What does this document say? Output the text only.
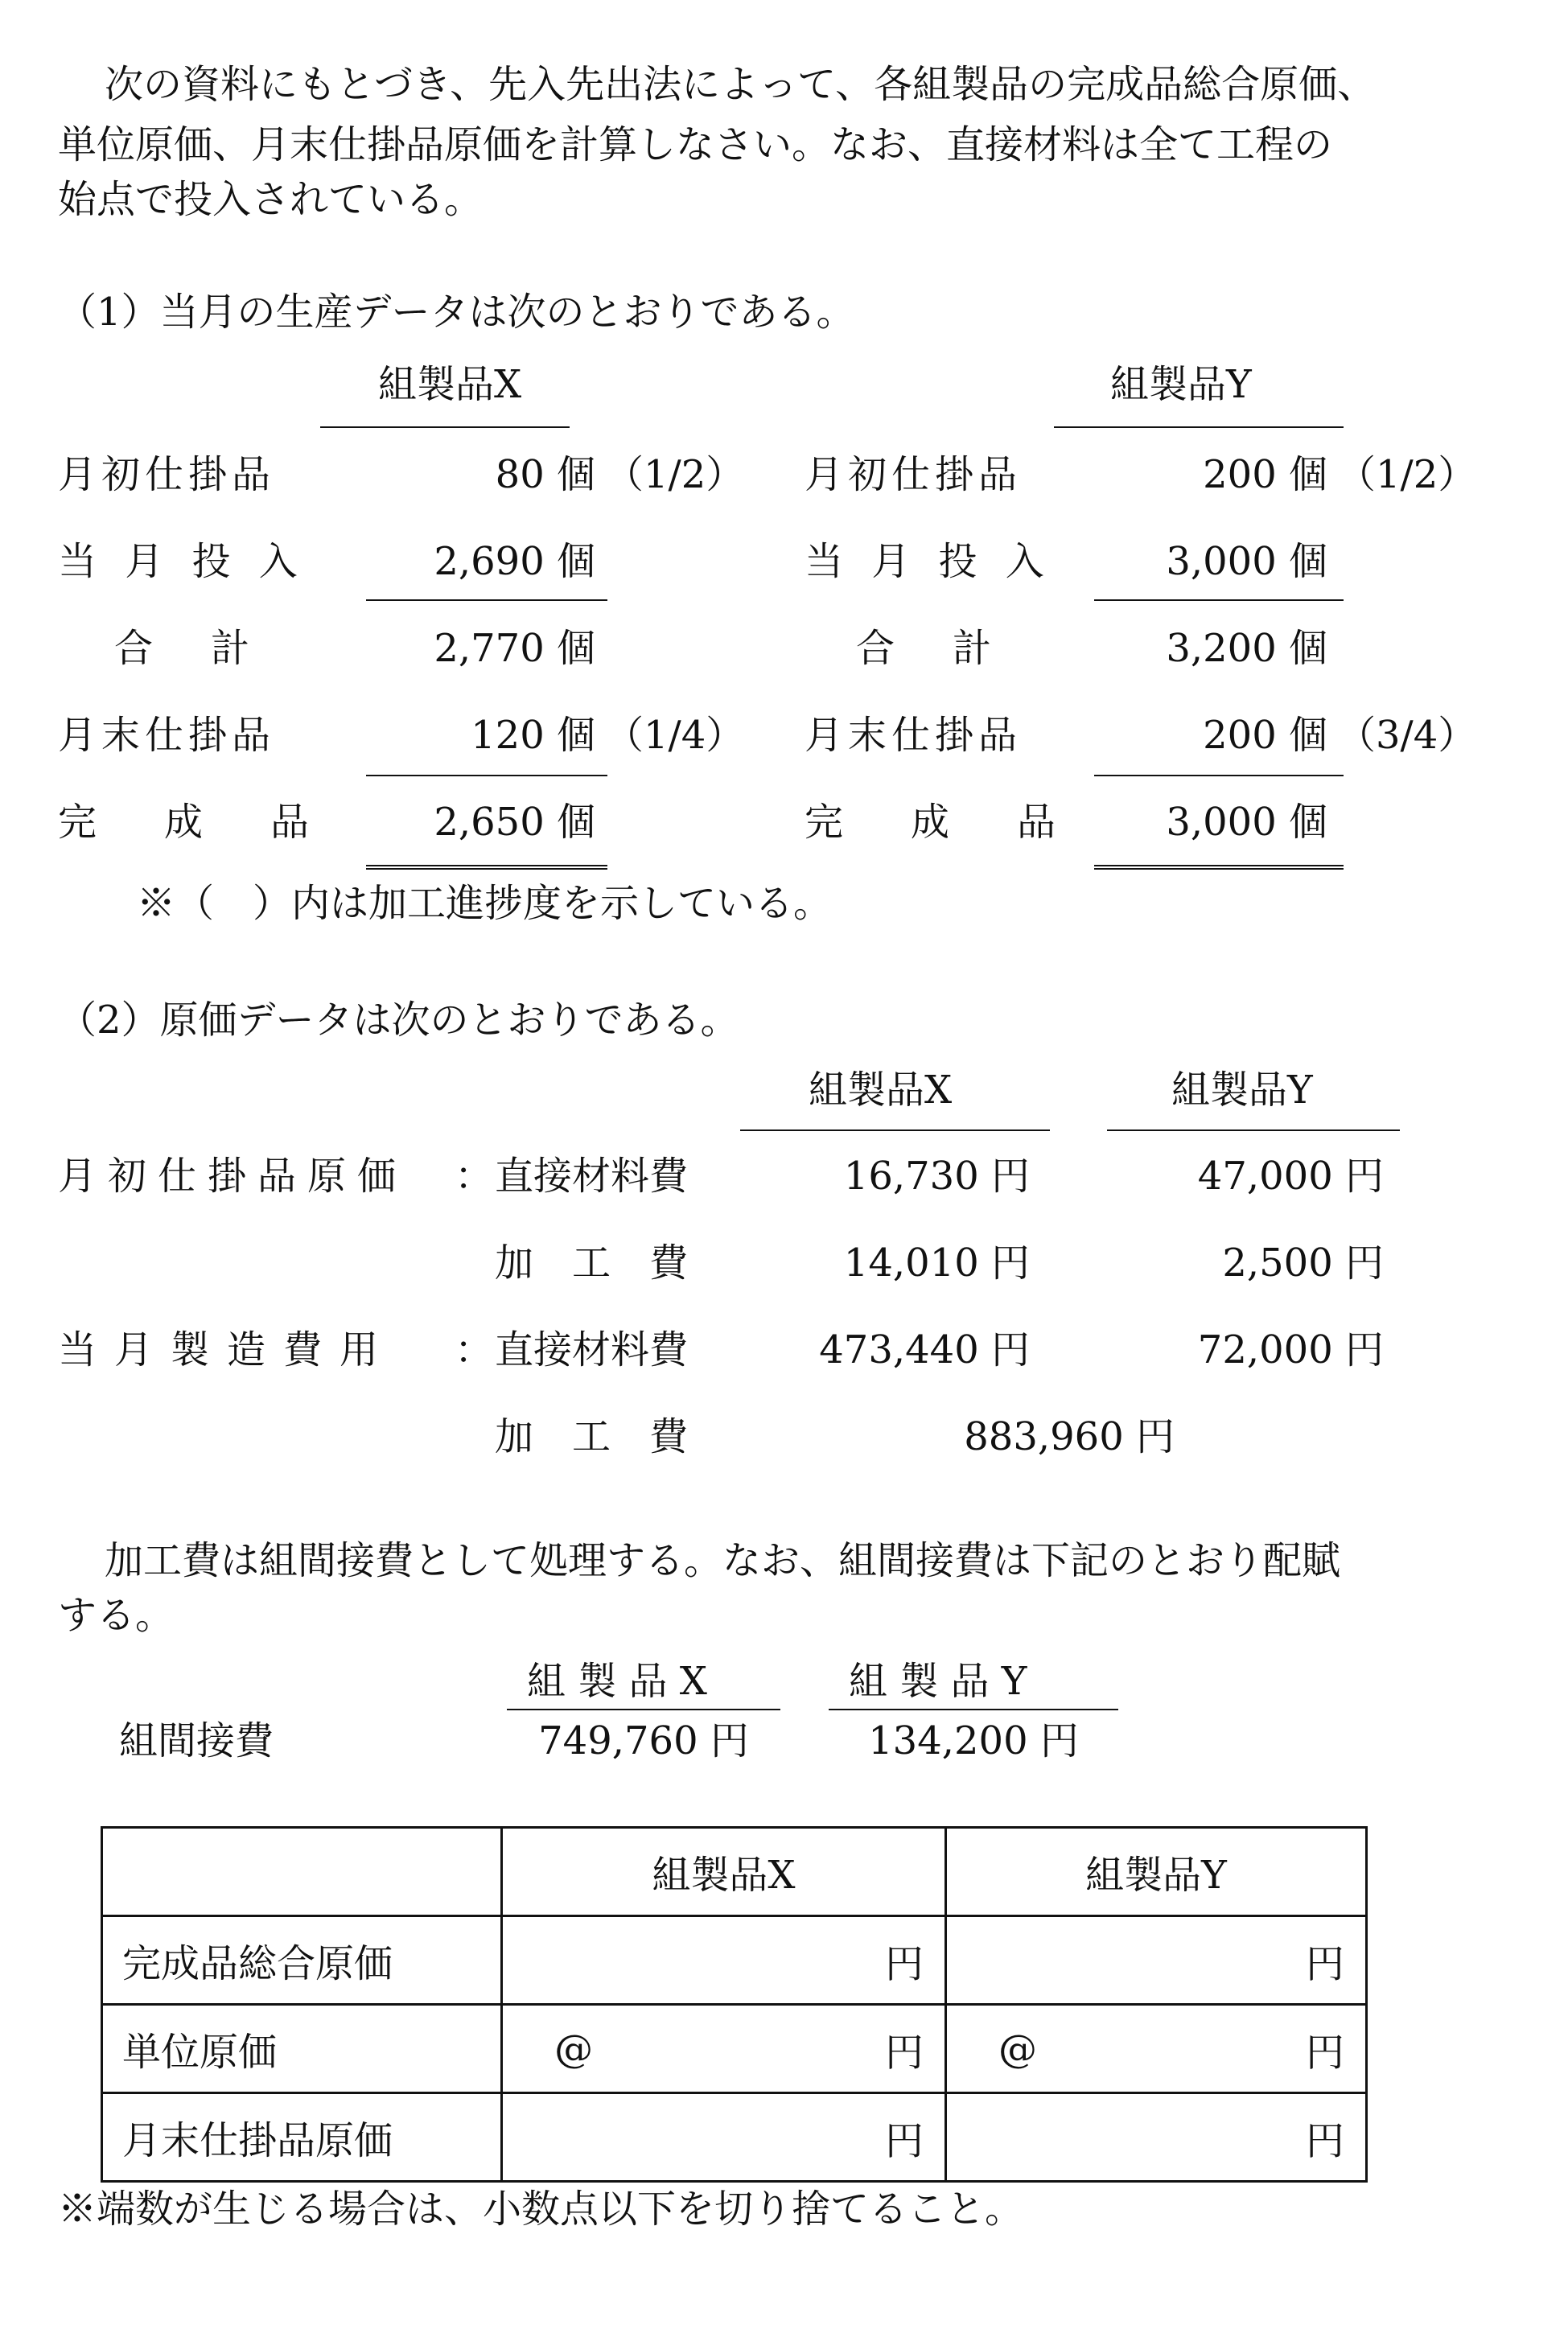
次の資料にもとづき、先入先出法によって、各組製品の完成品総合原価、
単位原価、月末仕掛品原価を計算しなさい。なお、直接材料は全て工程の
始点で投入されている。
（1）当月の生産データは次のとおりである。
組製品X	組製品Y
月初仕掛品	80 個 （1/2） 月初仕掛品	200 個 （1/2）
当 月 投 入	2,690 個	当 月 投 入	3,000 個
合　計	2,770 個	合　計	3,200 個
月末仕掛品	120 個 （1/4） 月末仕掛品	200 個 （3/4）
完　成　品	2,650 個	完　成　品	3,000 個
※（　）内は加工進捗度を示している。
（2）原価データは次のとおりである。
組製品X	組製品Y
月初仕掛品原価 ： 直接材料費	16,730 円	47,000 円
加　工　費	14,010 円	2,500 円
当月製造費用 ： 直接材料費	473,440 円	72,000 円
加　工　費	883,960 円
加工費は組間接費として処理する。なお、組間接費は下記のとおり配賦
する。
組 製 品 X	組 製 品 Y
組間接費	749,760 円	134,200 円
	組製品X	組製品Y
完成品総合原価	円	円

単位原価	@ 円	@ 円

月末仕掛品原価	円	円
※端数が生じる場合は、小数点以下を切り捨てること。
